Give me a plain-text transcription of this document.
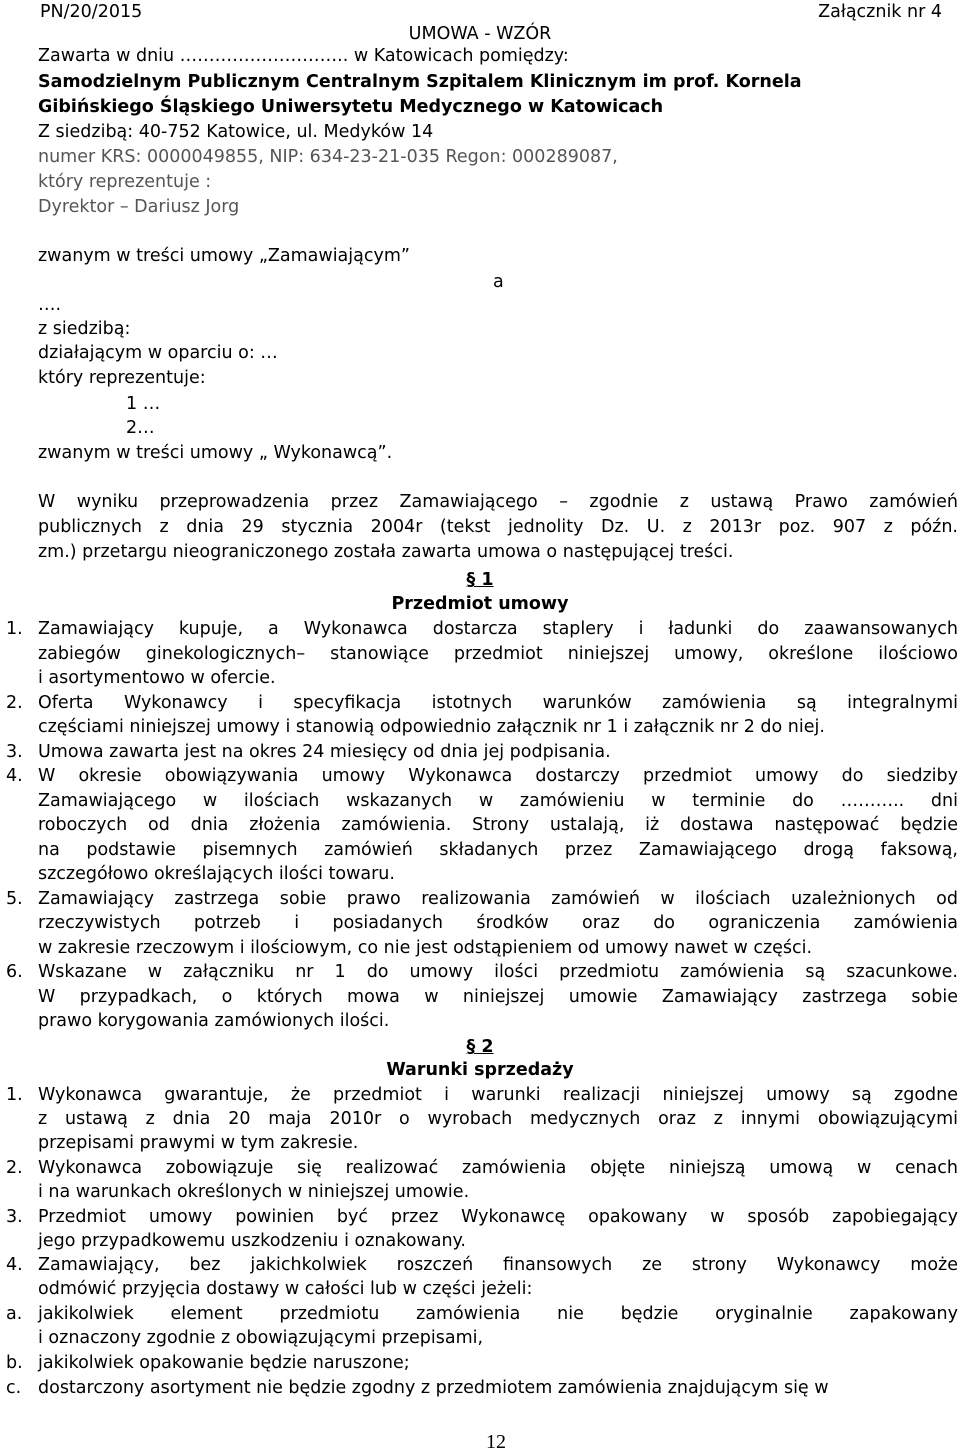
PN/20/2015	Załącznik nr 4
UMOWA - WZÓR
Zawarta w dniu ……………………….. w Katowicach pomiędzy:
Samodzielnym Publicznym Centralnym Szpitalem Klinicznym im prof. Kornela
Gibińskiego Śląskiego Uniwersytetu Medycznego w Katowicach
Z siedzibą: 40-752 Katowice, ul. Medyków 14
numer KRS: 0000049855, NIP: 634-23-21-035 Regon: 000289087,
który reprezentuje :
Dyrektor – Dariusz Jorg
zwanym w treści umowy „Zamawiającym”
a
….
z siedzibą:
działającym w oparciu o: …
który reprezentuje:
1 …
2…
zwanym w treści umowy „ Wykonawcą”.
W wyniku przeprowadzenia przez Zamawiającego – zgodnie z ustawą Prawo zamówień
publicznych z dnia 29 stycznia 2004r (tekst jednolity Dz. U. z 2013r poz. 907 z późn.
zm.) przetargu nieograniczonego została zawarta umowa o następującej treści.
§ 1
Przedmiot umowy
1. Zamawiający kupuje, a Wykonawca dostarcza staplery i ładunki do zaawansowanych
zabiegów ginekologicznych– stanowiące przedmiot niniejszej umowy, określone ilościowo
i asortymentowo w ofercie.
2. Oferta Wykonawcy i specyfikacja istotnych warunków zamówienia są integralnymi
częściami niniejszej umowy i stanowią odpowiednio załącznik nr 1 i załącznik nr 2 do niej.
3. Umowa zawarta jest na okres 24 miesięcy od dnia jej podpisania.
4. W okresie obowiązywania umowy Wykonawca dostarczy przedmiot umowy do siedziby
Zamawiającego w ilościach wskazanych w zamówieniu w terminie do ……….. dni
roboczych od dnia złożenia zamówienia. Strony ustalają, iż dostawa następować będzie
na podstawie pisemnych zamówień składanych przez Zamawiającego drogą faksową,
szczegółowo określających ilości towaru.
5. Zamawiający zastrzega sobie prawo realizowania zamówień w ilościach uzależnionych od
rzeczywistych potrzeb i posiadanych środków oraz do ograniczenia zamówienia
w zakresie rzeczowym i ilościowym, co nie jest odstąpieniem od umowy nawet w części.
6. Wskazane w załączniku nr 1 do umowy ilości przedmiotu zamówienia są szacunkowe.
W przypadkach, o których mowa w niniejszej umowie Zamawiający zastrzega sobie
prawo korygowania zamówionych ilości.
§ 2
Warunki sprzedaży
1. Wykonawca gwarantuje, że przedmiot i warunki realizacji niniejszej umowy są zgodne
z ustawą z dnia 20 maja 2010r o wyrobach medycznych oraz z innymi obowiązującymi
przepisami prawymi w tym zakresie.
2. Wykonawca zobowiązuje się realizować zamówienia objęte niniejszą umową w cenach
i na warunkach określonych w niniejszej umowie.
3. Przedmiot umowy powinien być przez Wykonawcę opakowany w sposób zapobiegający
jego przypadkowemu uszkodzeniu i oznakowany.
4. Zamawiający, bez jakichkolwiek roszczeń finansowych ze strony Wykonawcy może
odmówić przyjęcia dostawy w całości lub w części jeżeli:
a. jakikolwiek element przedmiotu zamówienia nie będzie oryginalnie zapakowany
i oznaczony zgodnie z obowiązującymi przepisami,
b. jakikolwiek opakowanie będzie naruszone;
c. dostarczony asortyment nie będzie zgodny z przedmiotem zamówienia znajdującym się w
12
